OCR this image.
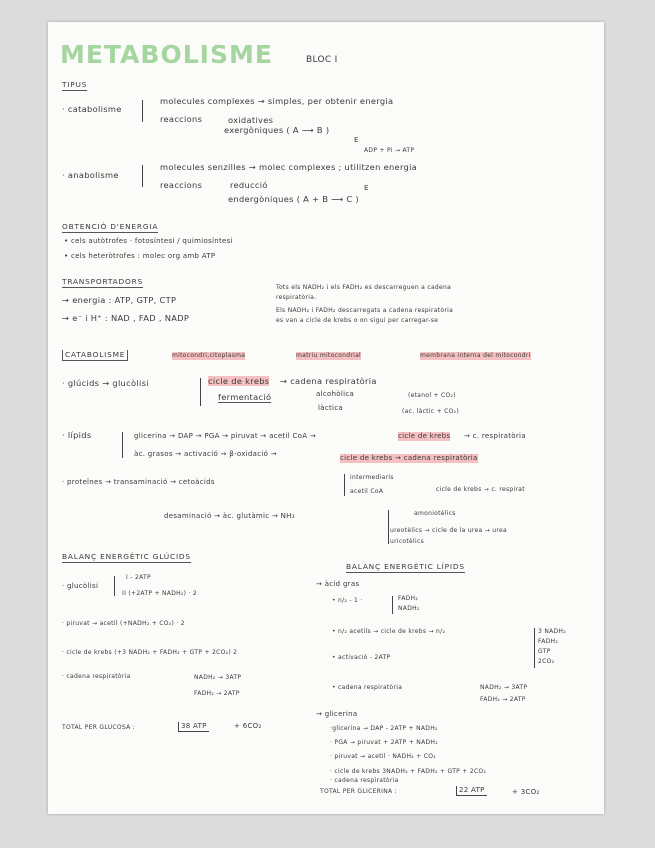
METABOLISME	BLOC I
TIPUS
· catabolisme
molecules complexes → simples, per obtenir energia
reaccions	oxidatives
exergòniques ( A ⟶ B )
E
ADP + Pi → ATP
· anabolisme
molecules senzilles → molec complexes ; utilitzen energia
reaccions	reducció	E
endergòniques ( A + B ⟶ C )
OBTENCIÓ D'ENERGIA
• cels autòtrofes · fotosíntesi / quimiosíntesi
• cels heteròtrofes : molec org amb ATP
TRANSPORTADORS
→ energia : ATP, GTP, CTP
→ e⁻ i H⁺ : NAD , FAD , NADP
Tots els NADH₂ i els FADH₂ es descarreguen a cadena
respiratòria.
Els NADH₂ i FADH₂ descarregats a cadena respiratòria
es van a cicle de krebs o on sigui per carregar-se
CATABOLISME	mitocondri,citoplasma	matriu mitocondrial	membrana interna del mitocondri
· glúcids → glucòlisi	cicle de krebs → cadena respiratòria
fermentació	alcohòlica	(etanol + CO₂)
làctica	(ac. làctic + CO₂)
· lípids	glicerina → DAP → PGA → piruvat → acetil CoA →	cicle de krebs → c. respiratòria
àc. grasos → activació → β-oxidació →	cicle de krebs → cadena respiratòria
· proteïnes → transaminació → cetoàcids
intermediaris
acetil CoA	cicle de krebs → c. respirat
desaminació → àc. glutàmic → NH₃	amoniotèlics
ureotèlics → cicle de la urea → urea
uricotèlics
BALANÇ ENERGÈTIC GLÚCIDS
· glucòlisi
I - 2ATP
II (+2ATP + NADH₂) · 2
· piruvat → acetil (+NADH₂ + CO₂) · 2
· cicle de krebs (+3 NADH₂ + FADH₂ + GTP + 2CO₂) 2
· cadena respiratòria	NADH₂ → 3ATP
FADH₂ → 2ATP
TOTAL PER GLUCOSA :	38 ATP	+ 6CO₂
BALANÇ ENERGÈTIC LÍPIDS
→ àcid gras
• n/₂ - 1 ·	FADH₂
NADH₂
• n/₂ acetils → cicle de krebs → n/₂	3 NADH₂
FADH₂
GTP
2CO₂
• activació - 2ATP
• cadena respiratòria	NADH₂ → 3ATP
FADH₂ → 2ATP
→ glicerina
·glicerina → DAP - 2ATP + NADH₂
· PGA → piruvat + 2ATP + NADH₂
· piruvat → acetil · NADH₂ + CO₂
· cicle de krebs 3NADH₂ + FADH₂ + GTP + 2CO₂
· cadena respiratòria
TOTAL PER GLICERINA :	22 ATP	+ 3CO₂
